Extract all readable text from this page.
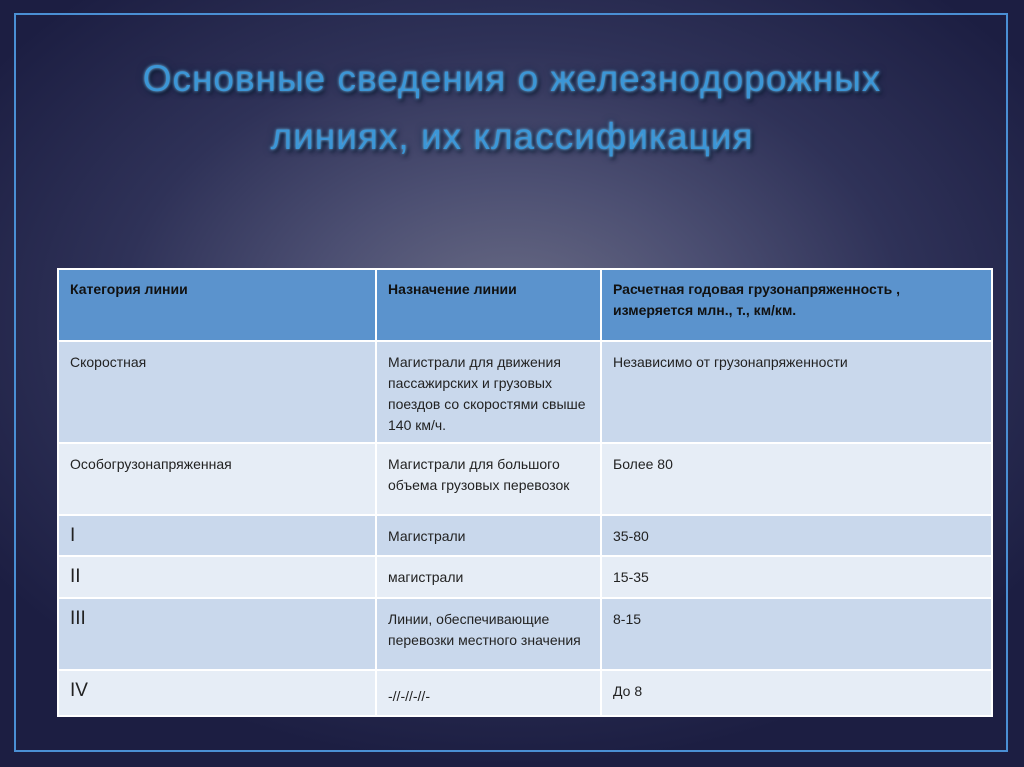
Основные сведения о железнодорожных
линиях, их классификация
Категория линии	Назначение линии	Расчетная годовая грузонапряженность , измеряется млн., т., км/км.
Скоростная	Магистрали для движения пассажирских и грузовых поездов со скоростями свыше 140 км/ч.	Независимо от грузонапряженности
Особогрузонапряженная	Магистрали для большого объема грузовых перевозок	Более 80
I	Магистрали	35-80
II	магистрали	15-35
III	Линии, обеспечивающие перевозки местного значения	8-15
IV	-//-//-//-	До 8
